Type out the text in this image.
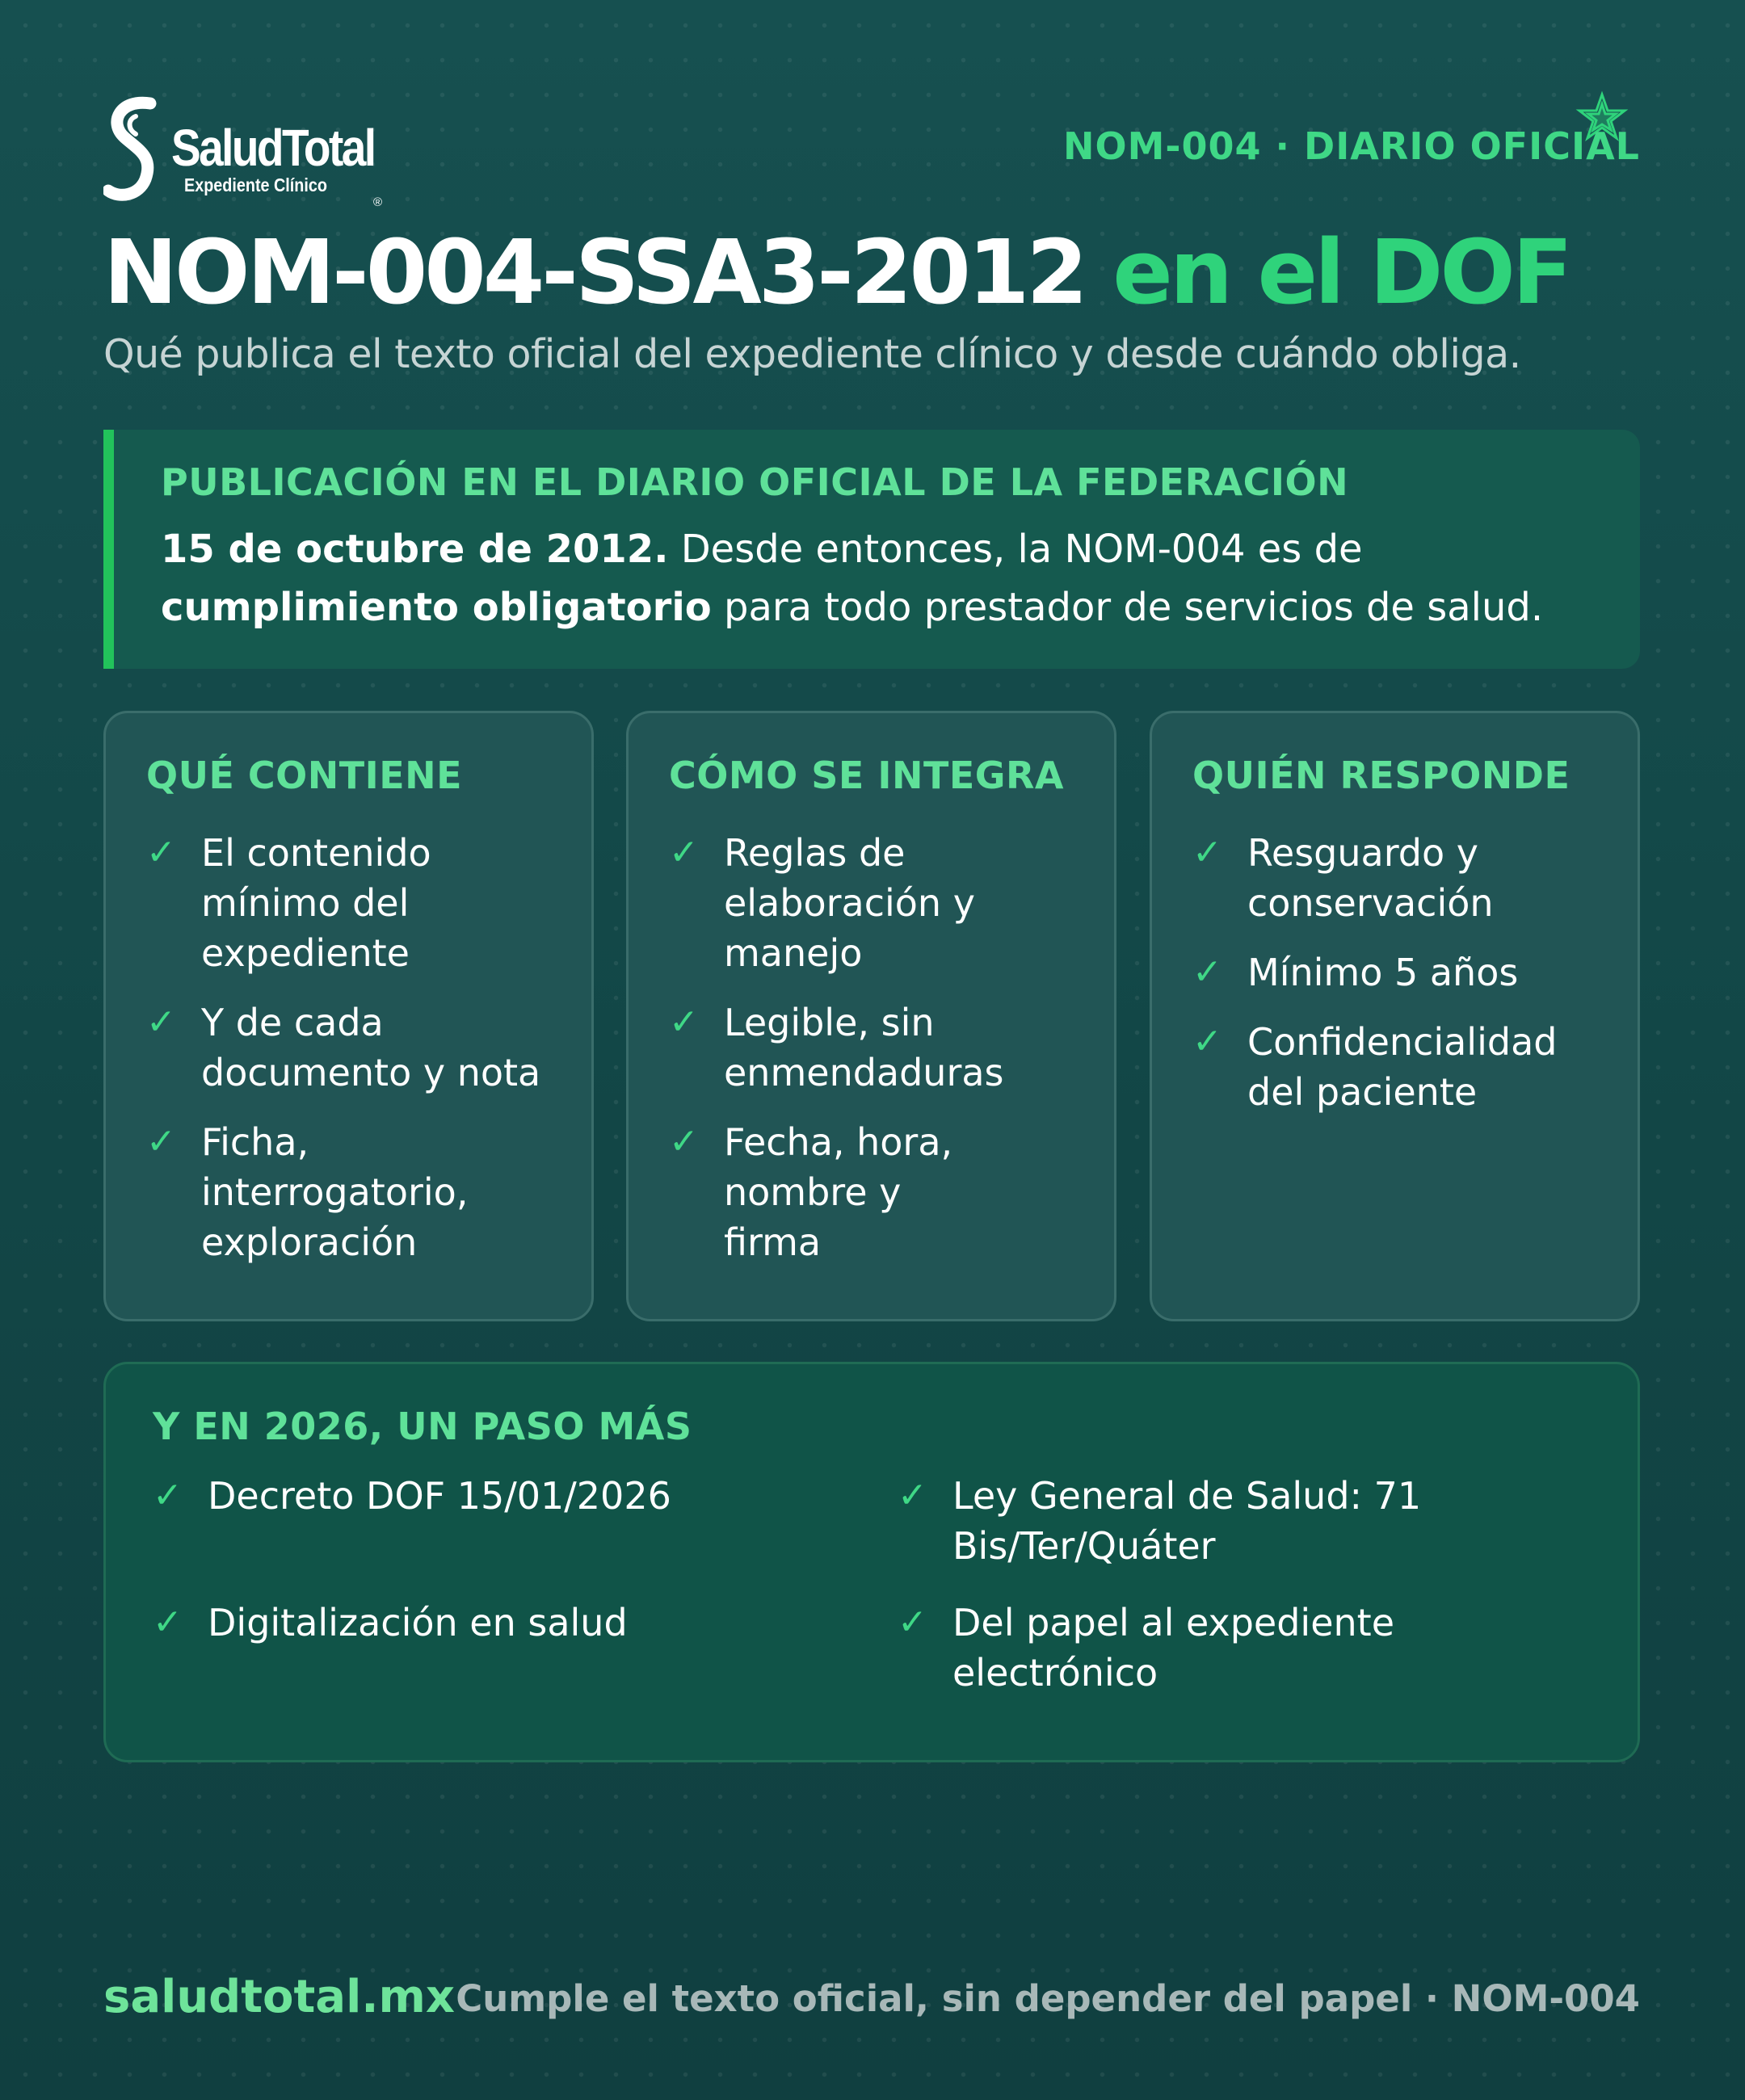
SaludTotal
Expediente Clínico
®
NOM-004 · DIARIO OFICIAL
NOM-004-SSA3-2012 en el DOF
Qué publica el texto oficial del expediente clínico y desde cuándo obliga.
PUBLICACIÓN EN EL DIARIO OFICIAL DE LA FEDERACIÓN
15 de octubre de 2012. Desde entonces, la NOM-004 es de
cumplimiento obligatorio para todo prestador de servicios de salud.
QUÉ CONTIENE
✓ El contenido mínimo del expediente
✓ Y de cada documento y nota
✓ Ficha, interrogatorio, exploración
CÓMO SE INTEGRA
✓ Reglas de elaboración y manejo
✓ Legible, sin enmendaduras
✓ Fecha, hora, nombre y firma
QUIÉN RESPONDE
✓ Resguardo y conservación
✓ Mínimo 5 años
✓ Confidencialidad del paciente
Y EN 2026, UN PASO MÁS
✓ Decreto DOF 15/01/2026	✓ Ley General de Salud: 71 Bis/Ter/Quáter
✓ Digitalización en salud	✓ Del papel al expediente electrónico
saludtotal.mx Cumple el texto oficial, sin depender del papel · NOM-004
